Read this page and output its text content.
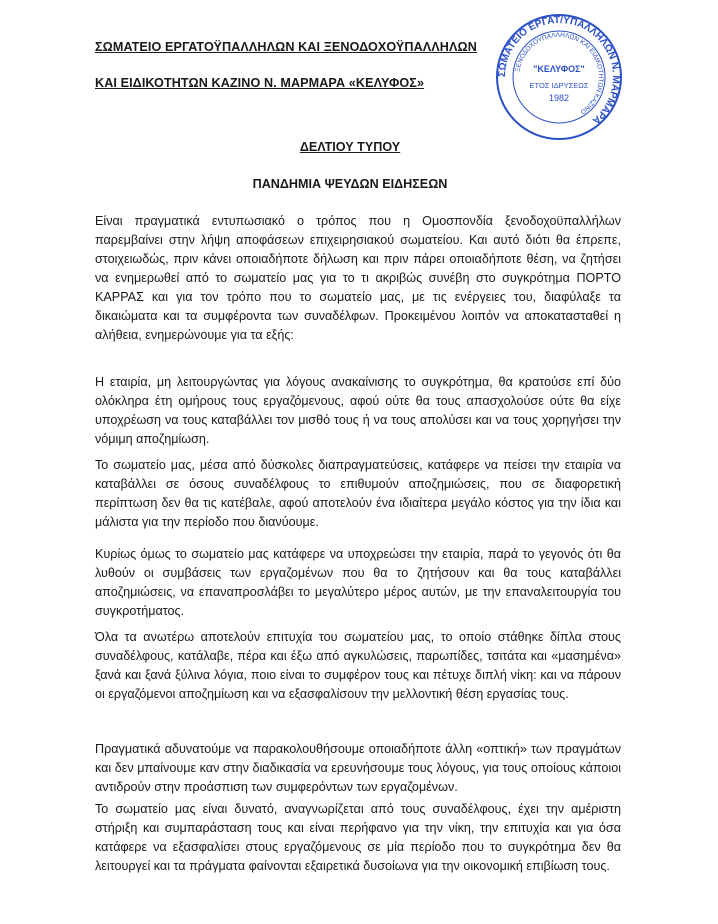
ΣΩΜΑΤΕΙΟ ΕΡΓΑΤΟΫΠΑΛΛΗΛΩΝ ΚΑΙ ΞΕΝΟΔΟΧΟΫΠΑΛΛΗΛΩΝ
ΚΑΙ ΕΙΔΙΚΟΤΗΤΩΝ ΚΑΖΙΝΟ Ν. ΜΑΡΜΑΡΑ «ΚΕΛΥΦΟΣ»
ΣΩΜΑΤΕΙΟ ΕΡΓΑΤ/ΥΠΑΛΛΗΛΩΝ Ν. ΜΑΡΜΑΡΑ
ΞΕΝΟΔΟΧΟΥΠΑΛΛΗΛΩΝ ΚΑΙ ΕΙΔΙΚΟΤΗΤΩΝ ΚΑΖΙΝΟ
"ΚΕΛΥΦΟΣ"
ΕΤΟΣ ΙΔΡΥΣΕΩΣ
1982
ΔΕΛΤΙΟΥ ΤΥΠΟΥ
ΠΑΝΔΗΜΙΑ ΨΕΥΔΩΝ ΕΙΔΗΣΕΩΝ

Είναι πραγματικά εντυπωσιακό ο τρόπος που η Ομοσπονδία ξενοδοχοϋπαλλήλων παρεμβαίνει στην λήψη αποφάσεων επιχειρησιακού σωματείου. Και αυτό διότι θα έπρεπε, στοιχειωδώς, πριν κάνει οποιαδήποτε δήλωση και πριν πάρει οποιαδήποτε θέση, να ζητήσει να ενημερωθεί από το σωματείο μας για το τι ακριβώς συνέβη στο συγκρότημα ΠΟΡΤΟ ΚΑΡΡΑΣ και για τον τρόπο που το σωματείο μας, με τις ενέργειες του, διαφύλαξε τα δικαιώματα και τα συμφέροντα των συναδέλφων. Προκειμένου λοιπόν να αποκατασταθεί η αλήθεια, ενημερώνουμε για τα εξής:

Η εταιρία, μη λειτουργώντας για λόγους ανακαίνισης το συγκρότημα, θα κρατούσε επί δύο ολόκληρα έτη ομήρους τους εργαζόμενους, αφού ούτε θα τους απασχολούσε ούτε θα είχε υποχρέωση να τους καταβάλλει τον μισθό τους ή να τους απολύσει και να τους χορηγήσει την νόμιμη αποζημίωση.

Το σωματείο μας, μέσα από δύσκολες διαπραγματεύσεις, κατάφερε να πείσει την εταιρία να καταβάλλει σε όσους συναδέλφους το επιθυμούν αποζημιώσεις, που σε διαφορετική περίπτωση δεν θα τις κατέβαλε, αφού αποτελούν ένα ιδιαίτερα μεγάλο κόστος για την ίδια και μάλιστα για την περίοδο που διανύουμε.

Κυρίως όμως το σωματείο μας κατάφερε να υποχρεώσει την εταιρία, παρά το γεγονός ότι θα λυθούν οι συμβάσεις των εργαζομένων που θα το ζητήσουν και θα τους καταβάλλει αποζημιώσεις, να επαναπροσλάβει το μεγαλύτερο μέρος αυτών, με την επαναλειτουργία του συγκροτήματος.

Όλα τα ανωτέρω αποτελούν επιτυχία του σωματείου μας, το οποίο στάθηκε δίπλα στους συναδέλφους, κατάλαβε, πέρα και έξω από αγκυλώσεις, παρωπίδες, τσιτάτα και «μασημένα» ξανά και ξανά ξύλινα λόγια, ποιο είναι το συμφέρον τους και πέτυχε διπλή νίκη: και να πάρουν οι εργαζόμενοι αποζημίωση και να εξασφαλίσουν την μελλοντική θέση εργασίας τους.

Πραγματικά αδυνατούμε να παρακολουθήσουμε οποιαδήποτε άλλη «οπτική» των πραγμάτων και δεν μπαίνουμε καν στην διαδικασία να ερευνήσουμε τους λόγους, για τους οποίους κάποιοι αντιδρούν στην προάσπιση των συμφερόντων των εργαζομένων.

Το σωματείο μας είναι δυνατό, αναγνωρίζεται από τους συναδέλφους, έχει την αμέριστη στήριξη και συμπαράσταση τους και είναι περήφανο για την νίκη, την επιτυχία και για όσα κατάφερε να εξασφαλίσει στους εργαζόμενους σε μία περίοδο που το συγκρότημα δεν θα λειτουργεί και τα πράγματα φαίνονται εξαιρετικά δυσοίωνα για την οικονομική επιβίωση τους.
